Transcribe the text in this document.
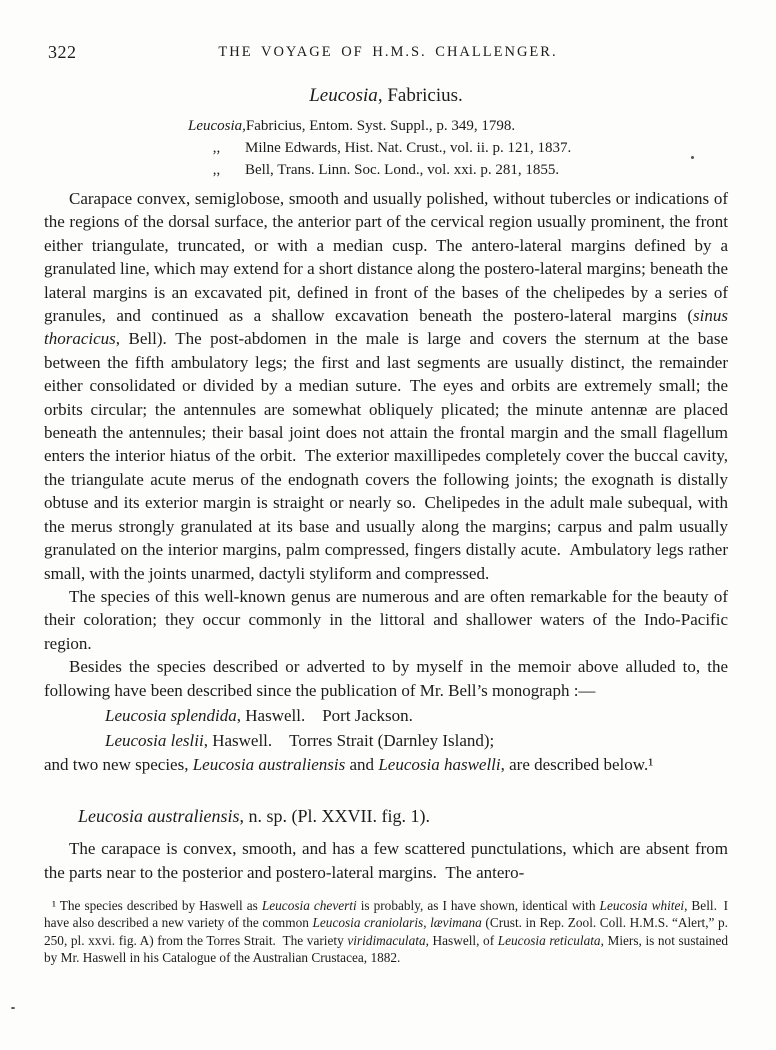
322	THE VOYAGE OF H.M.S. CHALLENGER.
Leucosia, Fabricius.
Leucosia, Fabricius, Entom. Syst. Suppl., p. 349, 1798.
,,	Milne Edwards, Hist. Nat. Crust., vol. ii. p. 121, 1837.
,,	Bell, Trans. Linn. Soc. Lond., vol. xxi. p. 281, 1855.

Carapace convex, semiglobose, smooth and usually polished, without tubercles or indications of the regions of the dorsal surface, the anterior part of the cervical region usually prominent, the front either triangulate, truncated, or with a median cusp. The antero-lateral margins defined by a granulated line, which may extend for a short distance along the postero-lateral margins; beneath the lateral margins is an excavated pit, defined in front of the bases of the chelipedes by a series of granules, and continued as a shallow excavation beneath the postero-lateral margins (sinus thoracicus, Bell). The post-abdomen in the male is large and covers the sternum at the base between the fifth ambulatory legs; the first and last segments are usually distinct, the remainder either consolidated or divided by a median suture. The eyes and orbits are extremely small; the orbits circular; the antennules are somewhat obliquely plicated; the minute antennæ are placed beneath the antennules; their basal joint does not attain the frontal margin and the small flagellum enters the interior hiatus of the orbit. The exterior maxillipedes completely cover the buccal cavity, the triangulate acute merus of the endognath covers the following joints; the exognath is distally obtuse and its exterior margin is straight or nearly so. Chelipedes in the adult male subequal, with the merus strongly granulated at its base and usually along the margins; carpus and palm usually granulated on the interior margins, palm compressed, fingers distally acute. Ambulatory legs rather small, with the joints unarmed, dactyli styliform and compressed.

The species of this well-known genus are numerous and are often remarkable for the beauty of their coloration; they occur commonly in the littoral and shallower waters of the Indo-Pacific region.

Besides the species described or adverted to by myself in the memoir above alluded to, the following have been described since the publication of Mr. Bell’s monograph :—

Leucosia splendida, Haswell. Port Jackson.
Leucosia leslii, Haswell. Torres Strait (Darnley Island);

and two new species, Leucosia australiensis and Leucosia haswelli, are described below.¹

Leucosia australiensis, n. sp. (Pl. XXVII. fig. 1).

The carapace is convex, smooth, and has a few scattered punctulations, which are absent from the parts near to the posterior and postero-lateral margins. The antero-

¹ The species described by Haswell as Leucosia cheverti is probably, as I have shown, identical with Leucosia whitei, Bell. I have also described a new variety of the common Leucosia craniolaris, lævimana (Crust. in Rep. Zool. Coll. H.M.S. “Alert,” p. 250, pl. xxvi. fig. A) from the Torres Strait. The variety viridimaculata, Haswell, of Leucosia reticulata, Miers, is not sustained by Mr. Haswell in his Catalogue of the Australian Crustacea, 1882.
